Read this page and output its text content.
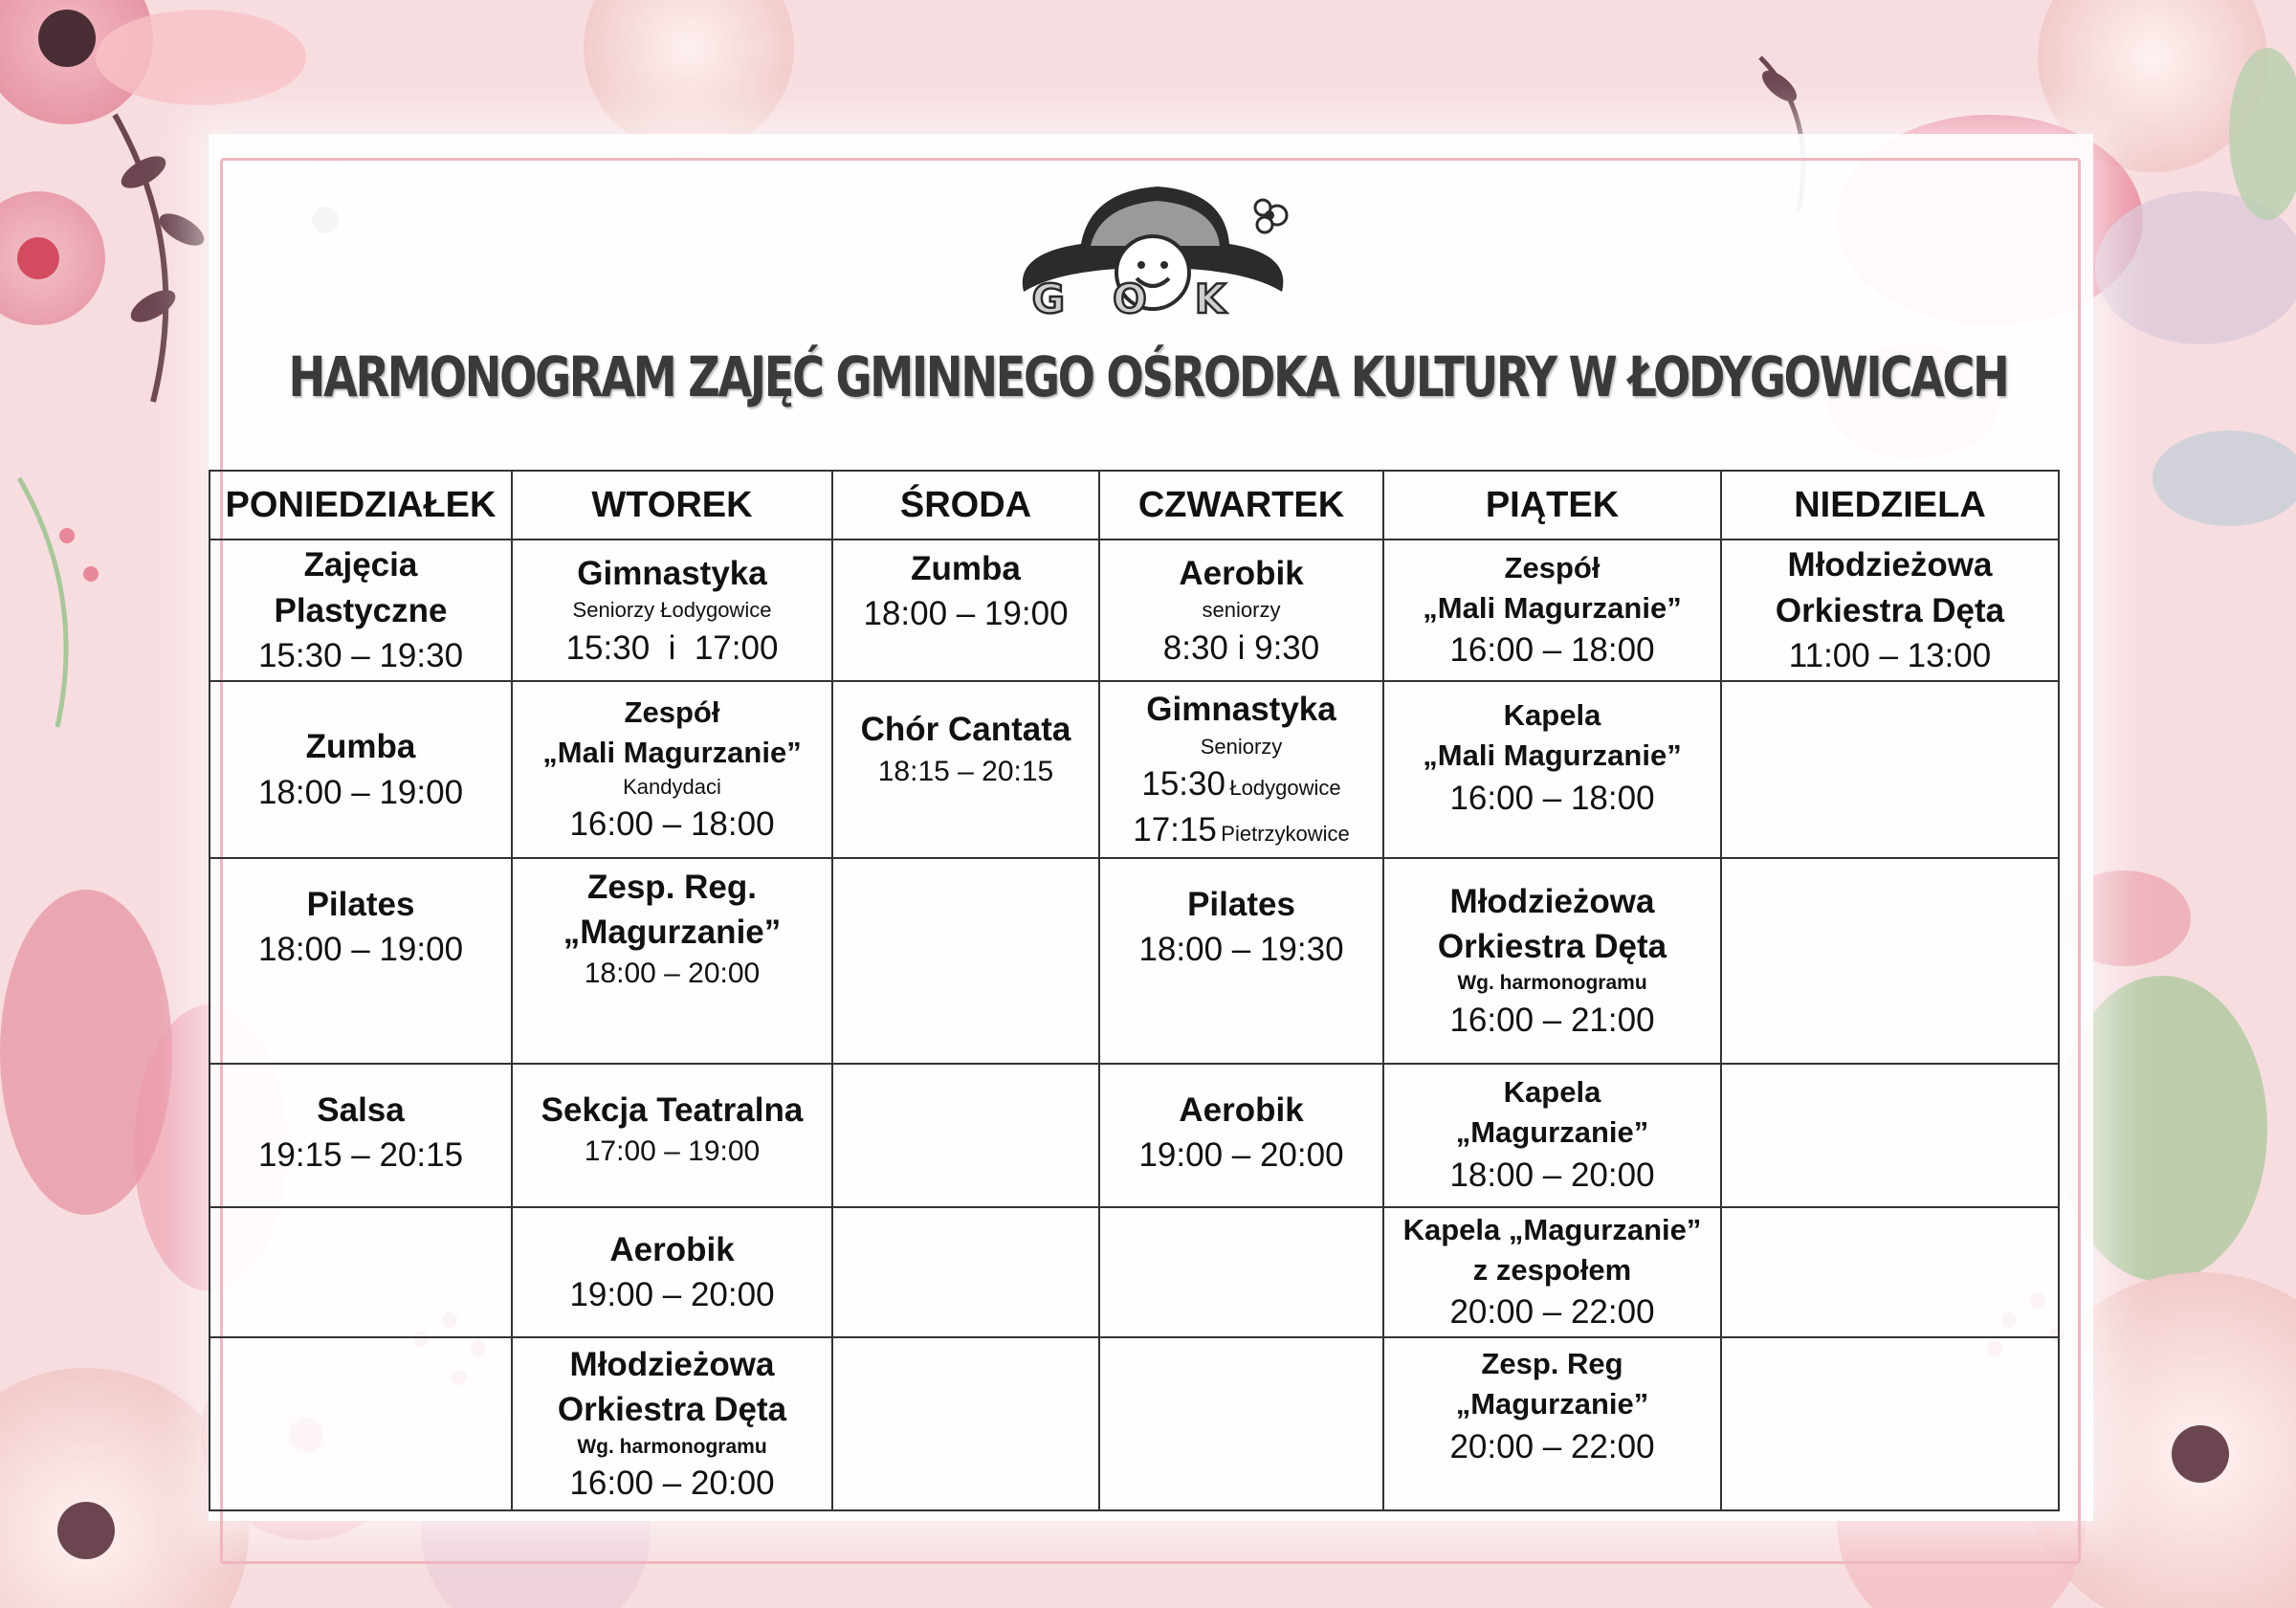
GOK
HARMONOGRAM ZAJĘĆ GMINNEGO OŚRODKA KULTURY W ŁODYGOWICACH
PONIEDZIAŁEK	WTOREK	ŚRODA	CZWARTEK	PIĄTEK	NIEDZIELA

Zajęcia Plastyczne
15:30 – 19:30	Gimnastyka
Seniorzy Łodygowice
15:30  i  17:00	Zumba
18:00 – 19:00	Aerobik
seniorzy
8:30 i 9:30	Zespół
„Mali Magurzanie”
16:00 – 18:00	Młodzieżowa Orkiestra Dęta
11:00 – 13:00

Zumba
18:00 – 19:00	Zespół
„Mali Magurzanie”
Kandydaci
16:00 – 18:00	Chór Cantata
18:15 – 20:15	Gimnastyka
Seniorzy
15:30 Łodygowice
17:15 Pietrzykowice	Kapela
„Mali Magurzanie”
16:00 – 18:00	

Pilates
18:00 – 19:00	Zesp. Reg.
„Magurzanie”
18:00 – 20:00		Pilates
18:00 – 19:30	Młodzieżowa Orkiestra Dęta
Wg. harmonogramu
16:00 – 21:00	

Salsa
19:15 – 20:15	Sekcja Teatralna
17:00 – 19:00		Aerobik
19:00 – 20:00	Kapela
„Magurzanie”
18:00 – 20:00	

	Aerobik
19:00 – 20:00			Kapela „Magurzanie”
z zespołem
20:00 – 22:00	

	Młodzieżowa Orkiestra Dęta
Wg. harmonogramu
16:00 – 20:00			Zesp. Reg
„Magurzanie”
20:00 – 22:00	
